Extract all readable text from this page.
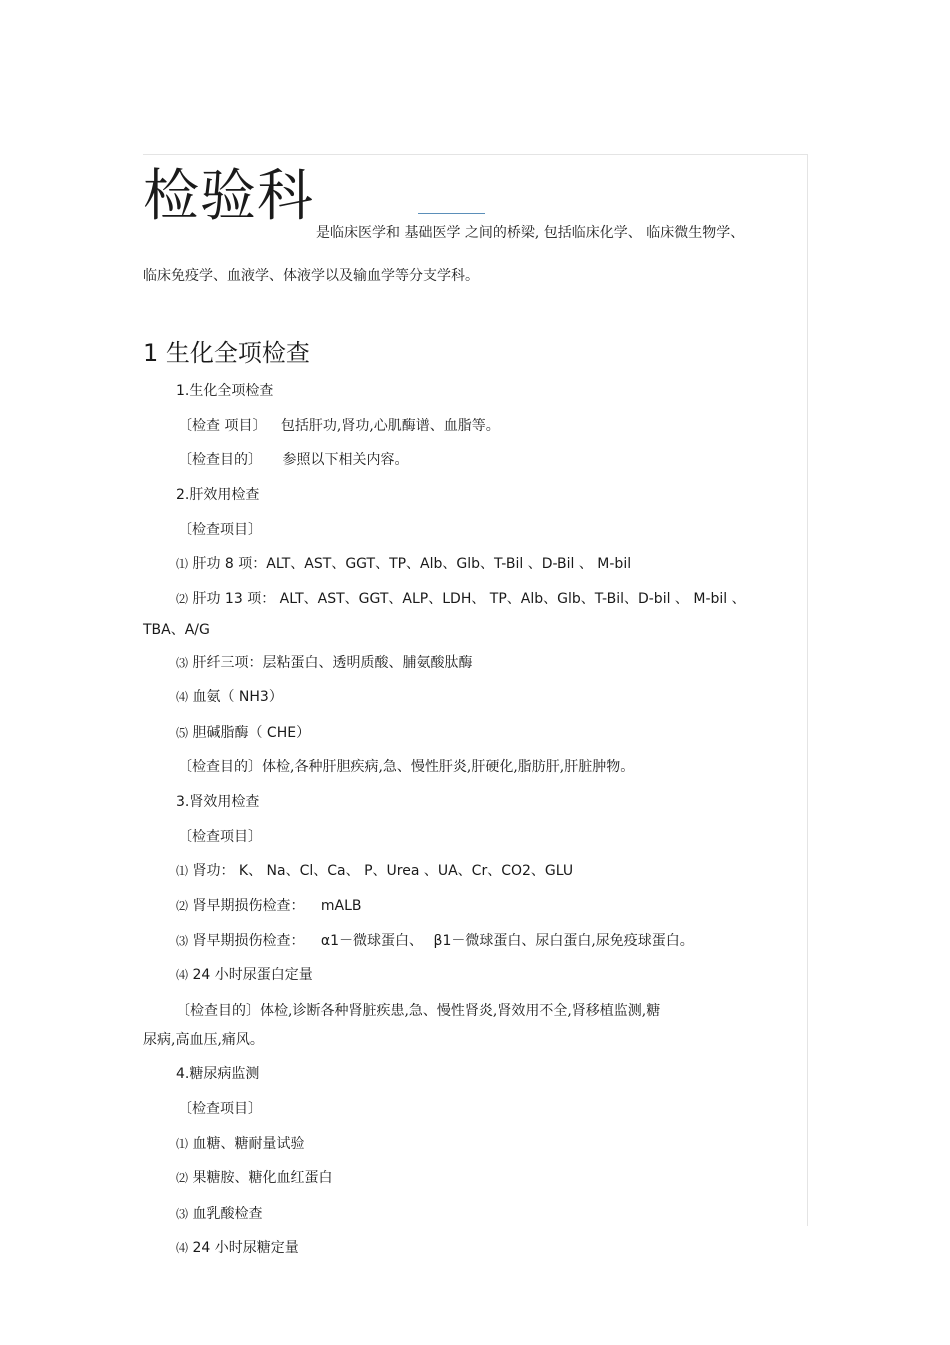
检验科
是临床医学和 基础医学 之间的桥梁, 包括临床化学、 临床微生物学、
临床免疫学、血液学、体液学以及输血学等分支学科。
1 生化全项检查
1.生化全项检查
〔检查 项目〕 包括肝功,肾功,心肌酶谱、血脂等。
〔检查目的〕 参照以下相关内容。
2.肝效用检查
〔检查项目〕
⑴ 肝功 8 项：ALT、AST、GGT、TP、Alb、Glb、T-Bil 、D-Bil 、 M-bil
⑵ 肝功 13 项： ALT、AST、GGT、ALP、LDH、 TP、Alb、Glb、T-Bil、D-bil 、 M-bil 、
TBA、A/G
⑶ 肝纤三项：层粘蛋白、透明质酸、脯氨酸肽酶
⑷ 血氨（ NH3）
⑸ 胆碱脂酶（ CHE）
〔检查目的〕体检,各种肝胆疾病,急、慢性肝炎,肝硬化,脂肪肝,肝脏肿物。
3.肾效用检查
〔检查项目〕
⑴ 肾功： K、 Na、Cl、Ca、 P、Urea 、UA、Cr、CO2、GLU
⑵ 肾早期损伤检查： mALB
⑶ 肾早期损伤检查： α1－微球蛋白、 β1－微球蛋白、尿白蛋白,尿免疫球蛋白。
⑷ 24 小时尿蛋白定量
〔检查目的〕体检,诊断各种肾脏疾患,急、慢性肾炎,肾效用不全,肾移植监测,糖
尿病,高血压,痛风。
4.糖尿病监测
〔检查项目〕
⑴ 血糖、糖耐量试验
⑵ 果糖胺、糖化血红蛋白
⑶ 血乳酸检查
⑷ 24 小时尿糖定量
